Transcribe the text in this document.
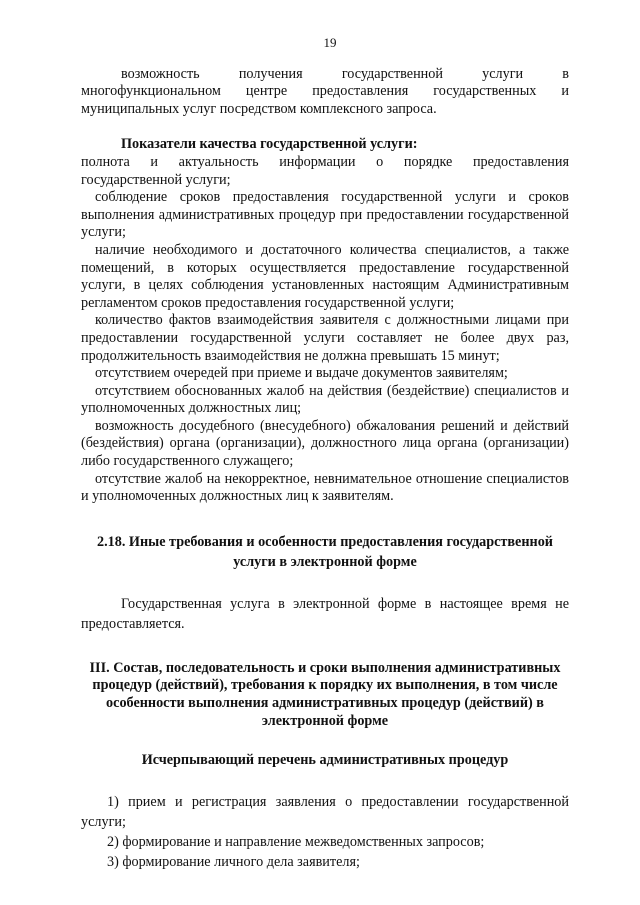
19

возможность получения государственной услуги в многофункциональном центре предоставления государственных и муниципальных услуг посредством комплексного запроса.

Показатели качества государственной услуги:

полнота и актуальность информации о порядке предоставления государственной услуги;

соблюдение сроков предоставления государственной услуги и сроков выполнения административных процедур при предоставлении государственной услуги;

наличие необходимого и достаточного количества специалистов, а также помещений, в которых осуществляется предоставление государственной услуги, в целях соблюдения установленных настоящим Административным регламентом сроков предоставления государственной услуги;

количество фактов взаимодействия заявителя с должностными лицами при предоставлении государственной услуги составляет не более двух раз, продолжительность взаимодействия не должна превышать 15 минут;

отсутствием очередей при приеме и выдаче документов заявителям;

отсутствием обоснованных жалоб на действия (бездействие) специалистов и уполномоченных должностных лиц;

возможность досудебного (внесудебного) обжалования решений и действий (бездействия) органа (организации), должностного лица органа (организации) либо государственного служащего;

отсутствие жалоб на некорректное, невнимательное отношение специалистов и уполномоченных должностных лиц к заявителям.

2.18. Иные требования и особенности предоставления государственной услуги в электронной форме

Государственная услуга в электронной форме в настоящее время не предоставляется.

III. Состав, последовательность и сроки выполнения административных процедур (действий), требования к порядку их выполнения, в том числе особенности выполнения административных процедур (действий) в электронной форме

Исчерпывающий перечень административных процедур

1) прием и регистрация заявления о предоставлении государственной услуги;

2) формирование и направление межведомственных запросов;

3) формирование личного дела заявителя;
